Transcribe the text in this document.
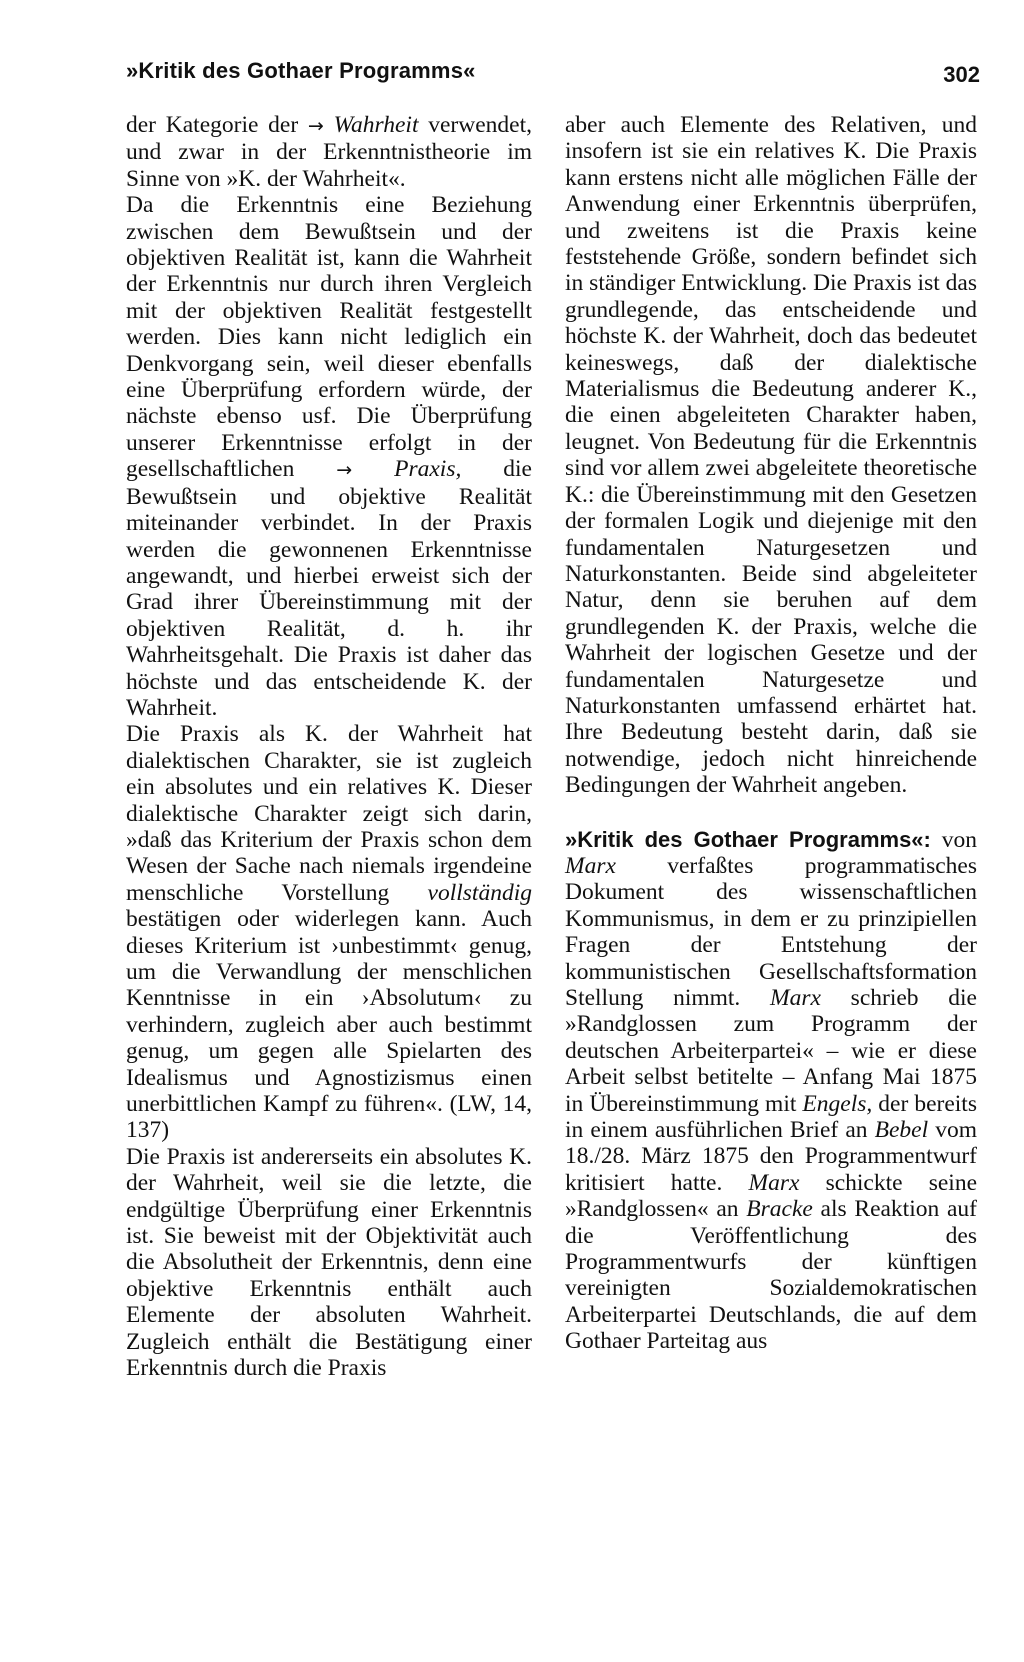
»Kritik des Gothaer Programms«	302

der Kategorie der → Wahrheit verwendet, und zwar in der Erkenntnistheorie im Sinne von »K. der Wahrheit«.

Da die Erkenntnis eine Beziehung zwischen dem Bewußtsein und der objektiven Realität ist, kann die Wahrheit der Erkenntnis nur durch ihren Vergleich mit der objektiven Realität festgestellt werden. Dies kann nicht lediglich ein Denkvorgang sein, weil dieser ebenfalls eine Überprüfung erfordern würde, der nächste ebenso usf. Die Überprüfung unserer Erkenntnisse erfolgt in der gesellschaftlichen → Praxis, die Bewußtsein und objektive Realität miteinander verbindet. In der Praxis werden die gewonnenen Erkenntnisse angewandt, und hierbei erweist sich der Grad ihrer Übereinstimmung mit der objektiven Realität, d. h. ihr Wahrheitsgehalt. Die Praxis ist daher das höchste und das entscheidende K. der Wahrheit.

Die Praxis als K. der Wahrheit hat dialektischen Charakter, sie ist zugleich ein absolutes und ein relatives K. Dieser dialektische Charakter zeigt sich darin, »daß das Kriterium der Praxis schon dem Wesen der Sache nach niemals irgendeine menschliche Vorstellung vollständig bestätigen oder widerlegen kann. Auch dieses Kriterium ist ›unbestimmt‹ genug, um die Verwandlung der menschlichen Kenntnisse in ein ›Absolutum‹ zu verhindern, zugleich aber auch bestimmt genug, um gegen alle Spielarten des Idealismus und Agnostizismus einen unerbittlichen Kampf zu führen«. (LW, 14, 137)

Die Praxis ist andererseits ein absolutes K. der Wahrheit, weil sie die letzte, die endgültige Überprüfung einer Erkenntnis ist. Sie beweist mit der Objektivität auch die Absolutheit der Erkenntnis, denn eine objektive Erkenntnis enthält auch Elemente der absoluten Wahrheit. Zugleich enthält die Bestätigung einer Erkenntnis durch die Praxis

aber auch Elemente des Relativen, und insofern ist sie ein relatives K. Die Praxis kann erstens nicht alle möglichen Fälle der Anwendung einer Erkenntnis überprüfen, und zweitens ist die Praxis keine feststehende Größe, sondern befindet sich in ständiger Entwicklung. Die Praxis ist das grundlegende, das entscheidende und höchste K. der Wahrheit, doch das bedeutet keineswegs, daß der dialektische Materialismus die Bedeutung anderer K., die einen abgeleiteten Charakter haben, leugnet. Von Bedeutung für die Erkenntnis sind vor allem zwei abgeleitete theoretische K.: die Übereinstimmung mit den Gesetzen der formalen Logik und diejenige mit den fundamentalen Naturgesetzen und Naturkonstanten. Beide sind abgeleiteter Natur, denn sie beruhen auf dem grundlegenden K. der Praxis, welche die Wahrheit der logischen Gesetze und der fundamentalen Naturgesetze und Naturkonstanten umfassend erhärtet hat. Ihre Bedeutung besteht darin, daß sie notwendige, jedoch nicht hinreichende Bedingungen der Wahrheit angeben.

»Kritik des Gothaer Programms«: von Marx verfaßtes programmatisches Dokument des wissenschaftlichen Kommunismus, in dem er zu prinzipiellen Fragen der Entstehung der kommunistischen Gesellschaftsformation Stellung nimmt. Marx schrieb die »Randglossen zum Programm der deutschen Arbeiterpartei« – wie er diese Arbeit selbst betitelte – Anfang Mai 1875 in Übereinstimmung mit Engels, der bereits in einem ausführlichen Brief an Bebel vom 18./28. März 1875 den Programmentwurf kritisiert hatte. Marx schickte seine »Randglossen« an Bracke als Reaktion auf die Veröffentlichung des Programmentwurfs der künftigen vereinigten Sozialdemokratischen Arbeiterpartei Deutschlands, die auf dem Gothaer Parteitag aus
